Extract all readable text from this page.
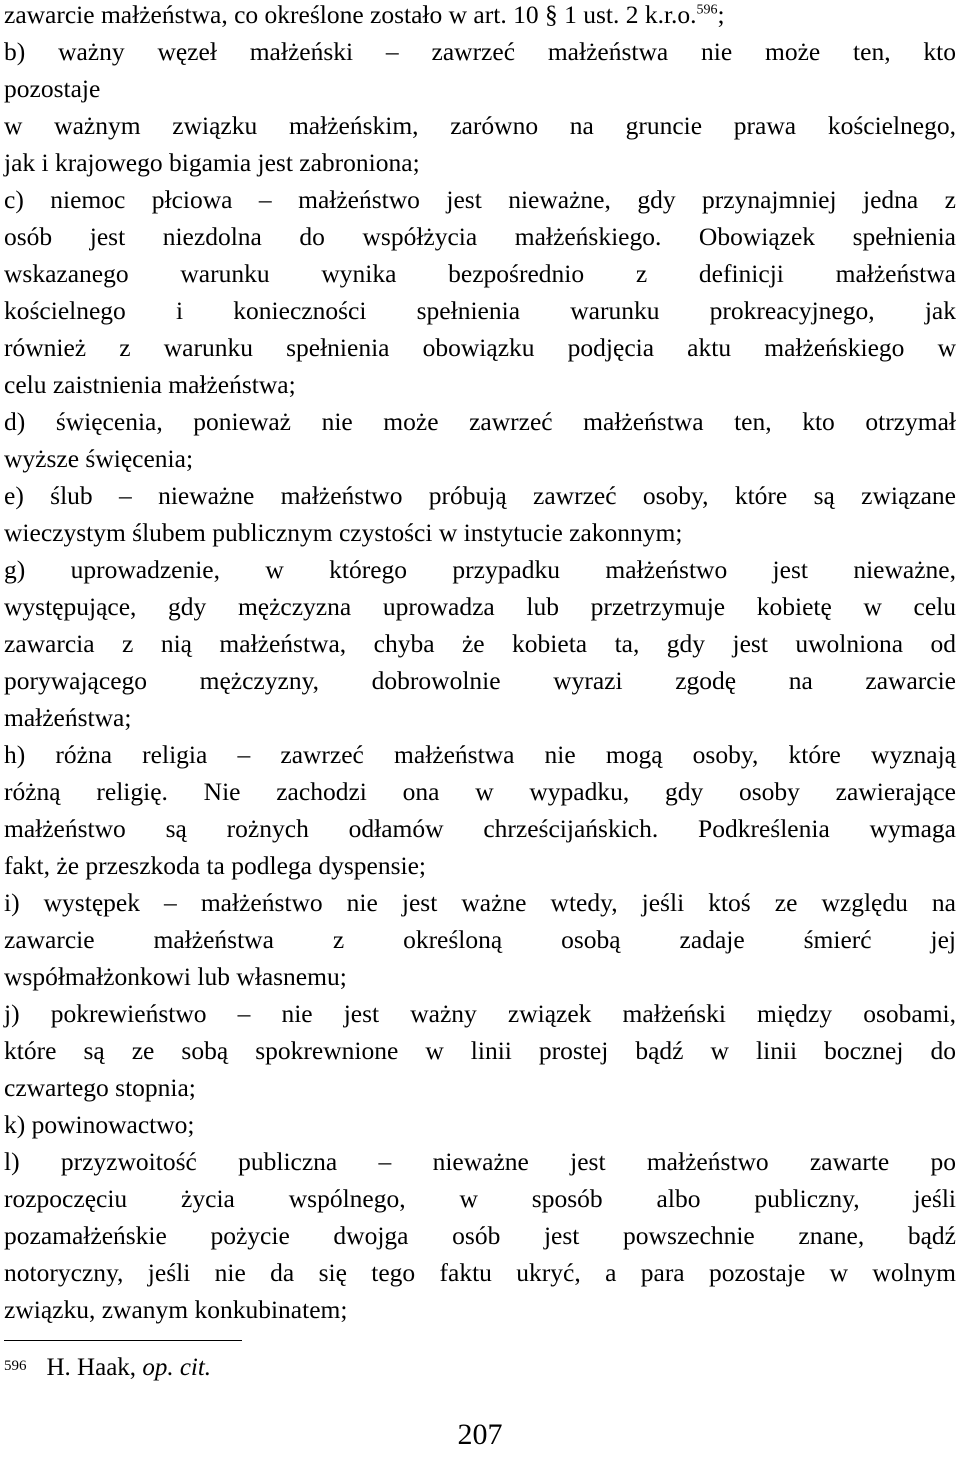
zawarcie małżeństwa, co określone zostało w art. 10 § 1 ust. 2 k.r.o.$^{596}$;
b) ważny węzeł małżeński – zawrzeć małżeństwa nie może ten, kto
pozostaje
w ważnym związku małżeńskim, zarówno na gruncie prawa kościelnego,
jak i krajowego bigamia jest zabroniona;
c) niemoc płciowa – małżeństwo jest nieważne, gdy przynajmniej jedna z
osób jest niezdolna do współżycia małżeńskiego. Obowiązek spełnienia
wskazanego warunku wynika bezpośrednio z definicji małżeństwa
kościelnego i konieczności spełnienia warunku prokreacyjnego, jak
również z warunku spełnienia obowiązku podjęcia aktu małżeńskiego w
celu zaistnienia małżeństwa;
d) święcenia, ponieważ nie może zawrzeć małżeństwa ten, kto otrzymał
wyższe święcenia;
e) ślub – nieważne małżeństwo próbują zawrzeć osoby, które są związane
wieczystym ślubem publicznym czystości w instytucie zakonnym;
g) uprowadzenie, w którego przypadku małżeństwo jest nieważne,
występujące, gdy mężczyzna uprowadza lub przetrzymuje kobietę w celu
zawarcia z nią małżeństwa, chyba że kobieta ta, gdy jest uwolniona od
porywającego mężczyzny, dobrowolnie wyrazi zgodę na zawarcie
małżeństwa;
h) różna religia – zawrzeć małżeństwa nie mogą osoby, które wyznają
różną religię. Nie zachodzi ona w wypadku, gdy osoby zawierające
małżeństwo są rożnych odłamów chrześcijańskich. Podkreślenia wymaga
fakt, że przeszkoda ta podlega dyspensie;
i) występek – małżeństwo nie jest ważne wtedy, jeśli ktoś ze względu na
zawarcie małżeństwa z określoną osobą zadaje śmierć jej
współmałżonkowi lub własnemu;
j) pokrewieństwo – nie jest ważny związek małżeński między osobami,
które są ze sobą spokrewnione w linii prostej bądź w linii bocznej do
czwartego stopnia;
k) powinowactwo;
l) przyzwoitość publiczna – nieważne jest małżeństwo zawarte po
rozpoczęciu życia wspólnego, w sposób albo publiczny, jeśli
pozamałżeńskie pożycie dwojga osób jest powszechnie znane, bądź
notoryczny, jeśli nie da się tego faktu ukryć, a para pozostaje w wolnym
związku, zwanym konkubinatem;
$^{596}$ H. Haak, op. cit.
207
